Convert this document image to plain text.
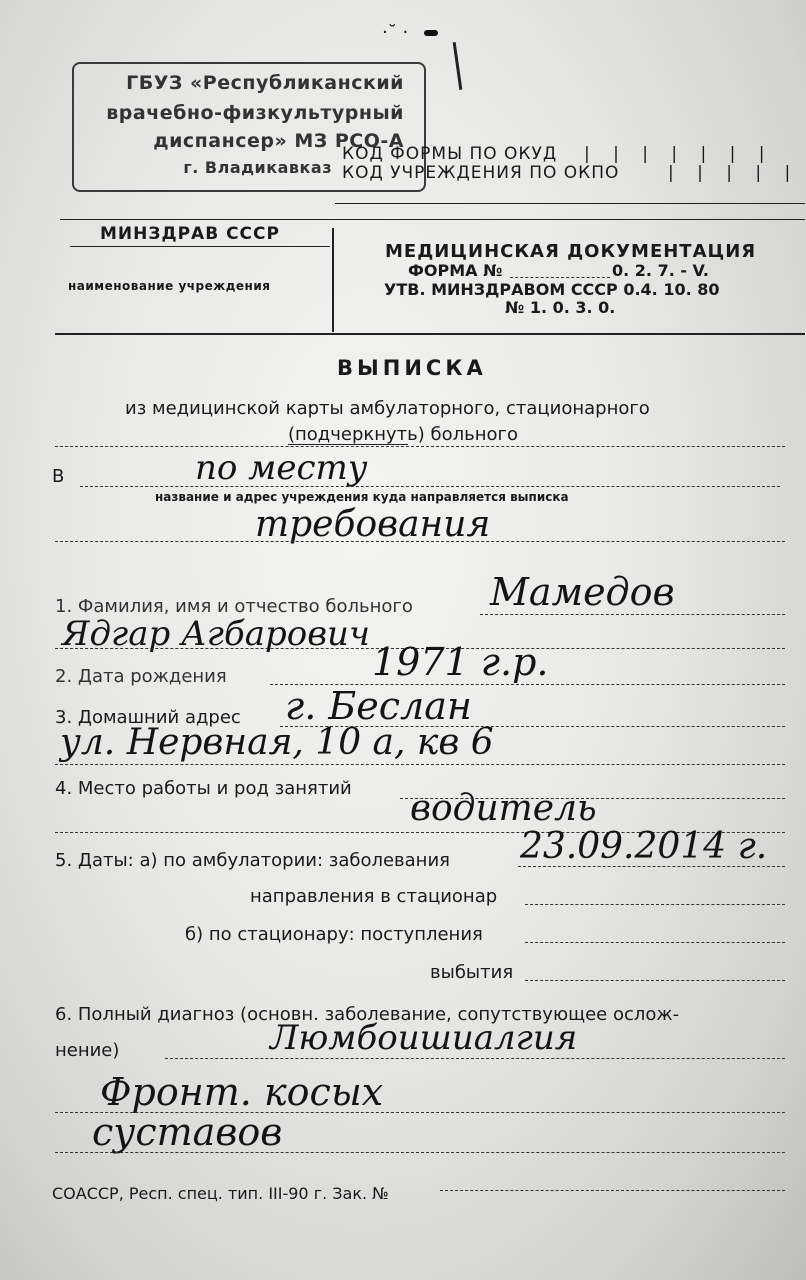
·˘ ·
ГБУЗ «Республиканский
врачебно-физкультурный
диспансер» МЗ РСО-А
г. Владикавказ
КОД ФОРМЫ ПО ОКУД | | | | | | |
КОД УЧРЕЖДЕНИЯ ПО ОКПО	| | | | |
МИНЗДРАВ СССР
наименование учреждения
МЕДИЦИНСКАЯ ДОКУМЕНТАЦИЯ
ФОРМА №	0. 2. 7. - V.
УТВ. МИНЗДРАВОМ СССР 0.4. 10. 80
№ 1. 0. 3. 0.
ВЫПИСКА
из медицинской карты амбулаторного, стационарного
(подчеркнуть) больного
В	по месту
название и адрес учреждения куда направляется выписка
требования
1. Фамилия, имя и отчество больного Мамедов
Ядгар Агбарович
2. Дата рождения	1971 г.р.
3. Домашний адрес г. Беслан
ул. Нервная, 10 а, кв 6
4. Место работы и род занятий водитель
5. Даты: а) по амбулатории: заболевания 23.09.2014 г.
направления в стационар
б) по стационару: поступления
выбытия
6. Полный диагноз (основн. заболевание, сопутствующее ослож-
нение)	Люмбоишиалгия
Фронт. косых
суставов
СОАССР, Респ. спец. тип. III-90 г. Зак. №
